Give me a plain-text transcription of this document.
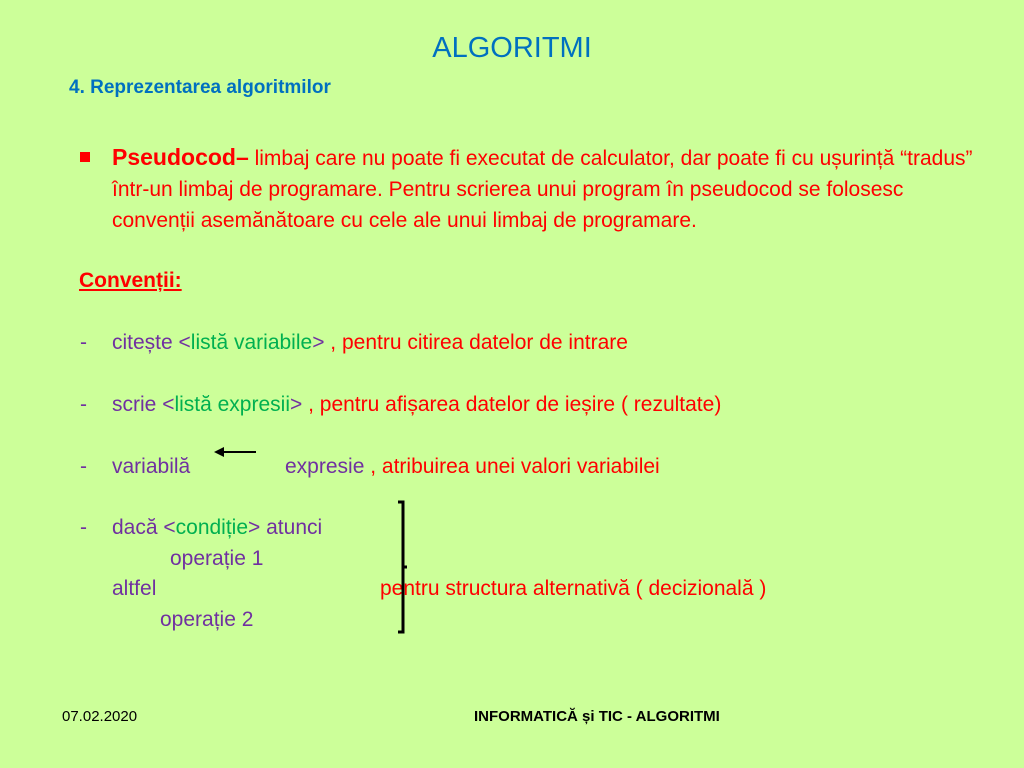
ALGORITMI
4. Reprezentarea algoritmilor
Pseudocod– limbaj care nu poate fi executat de calculator, dar poate fi cu ușurință “tradus” într-un limbaj de programare. Pentru scrierea unui program în pseudocod se folosesc convenții asemănătoare cu cele ale unui limbaj de programare.
Convenții:
- citește <listă variabile> , pentru citirea datelor de intrare
- scrie <listă expresii> , pentru afișarea datelor de ieșire ( rezultate)
- variabilă	expresie , atribuirea unei valori variabilei
- dacă <condiție> atunci
operație 1
altfel	pentru structura alternativă ( decizională )
operație 2
07.02.2020	INFORMATICĂ și TIC - ALGORITMI
